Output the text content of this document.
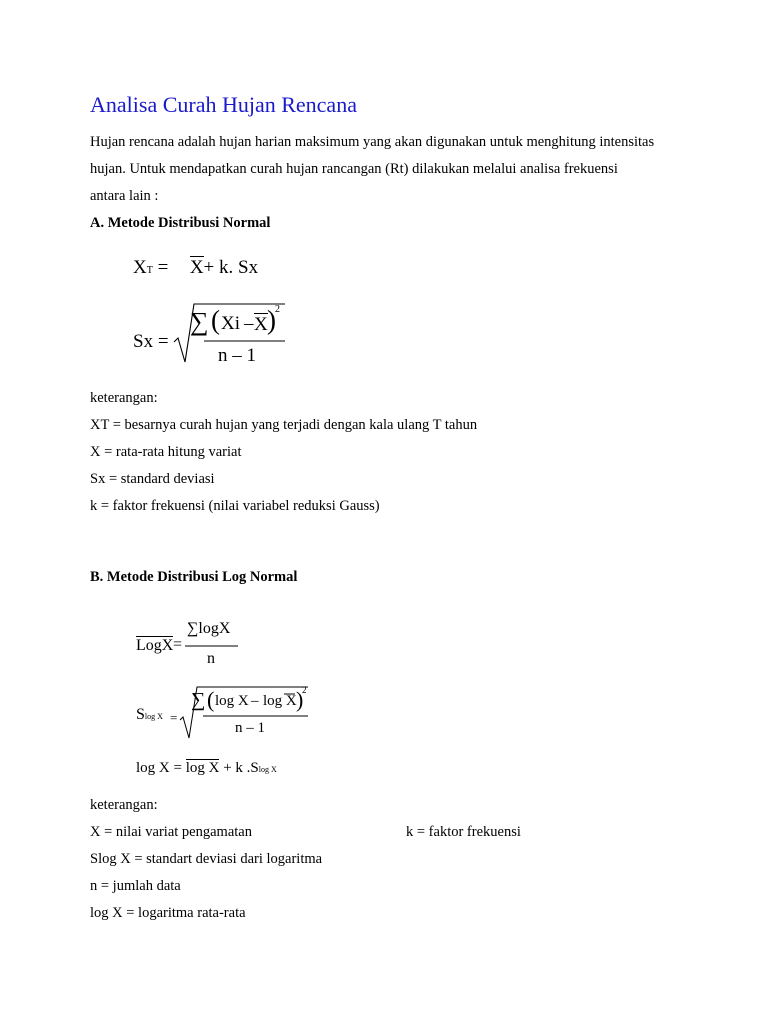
Analisa Curah Hujan Rencana
Hujan rencana adalah hujan harian maksimum yang akan digunakan untuk menghitung intensitas
hujan. Untuk mendapatkan curah hujan rancangan (Rt) dilakukan melalui analisa frekuensi
antara lain :
A. Metode Distribusi Normal
XT = X+ k. Sx
Sx =
∑ ( Xi – X ) 2
n – 1
keterangan:
XT = besarnya curah hujan yang terjadi dengan kala ulang T tahun
X = rata-rata hitung variat
Sx = standard deviasi
k = faktor frekuensi (nilai variabel reduksi Gauss)
B. Metode Distribusi Log Normal
LogX =
∑logX
n
Slog X =
∑ ( log X – log X )
2
n – 1
log X = log X + k .Slog X
keterangan:
X = nilai variat pengamatan	k = faktor frekuensi
Slog X = standart deviasi dari logaritma
n = jumlah data
log X = logaritma rata-rata
